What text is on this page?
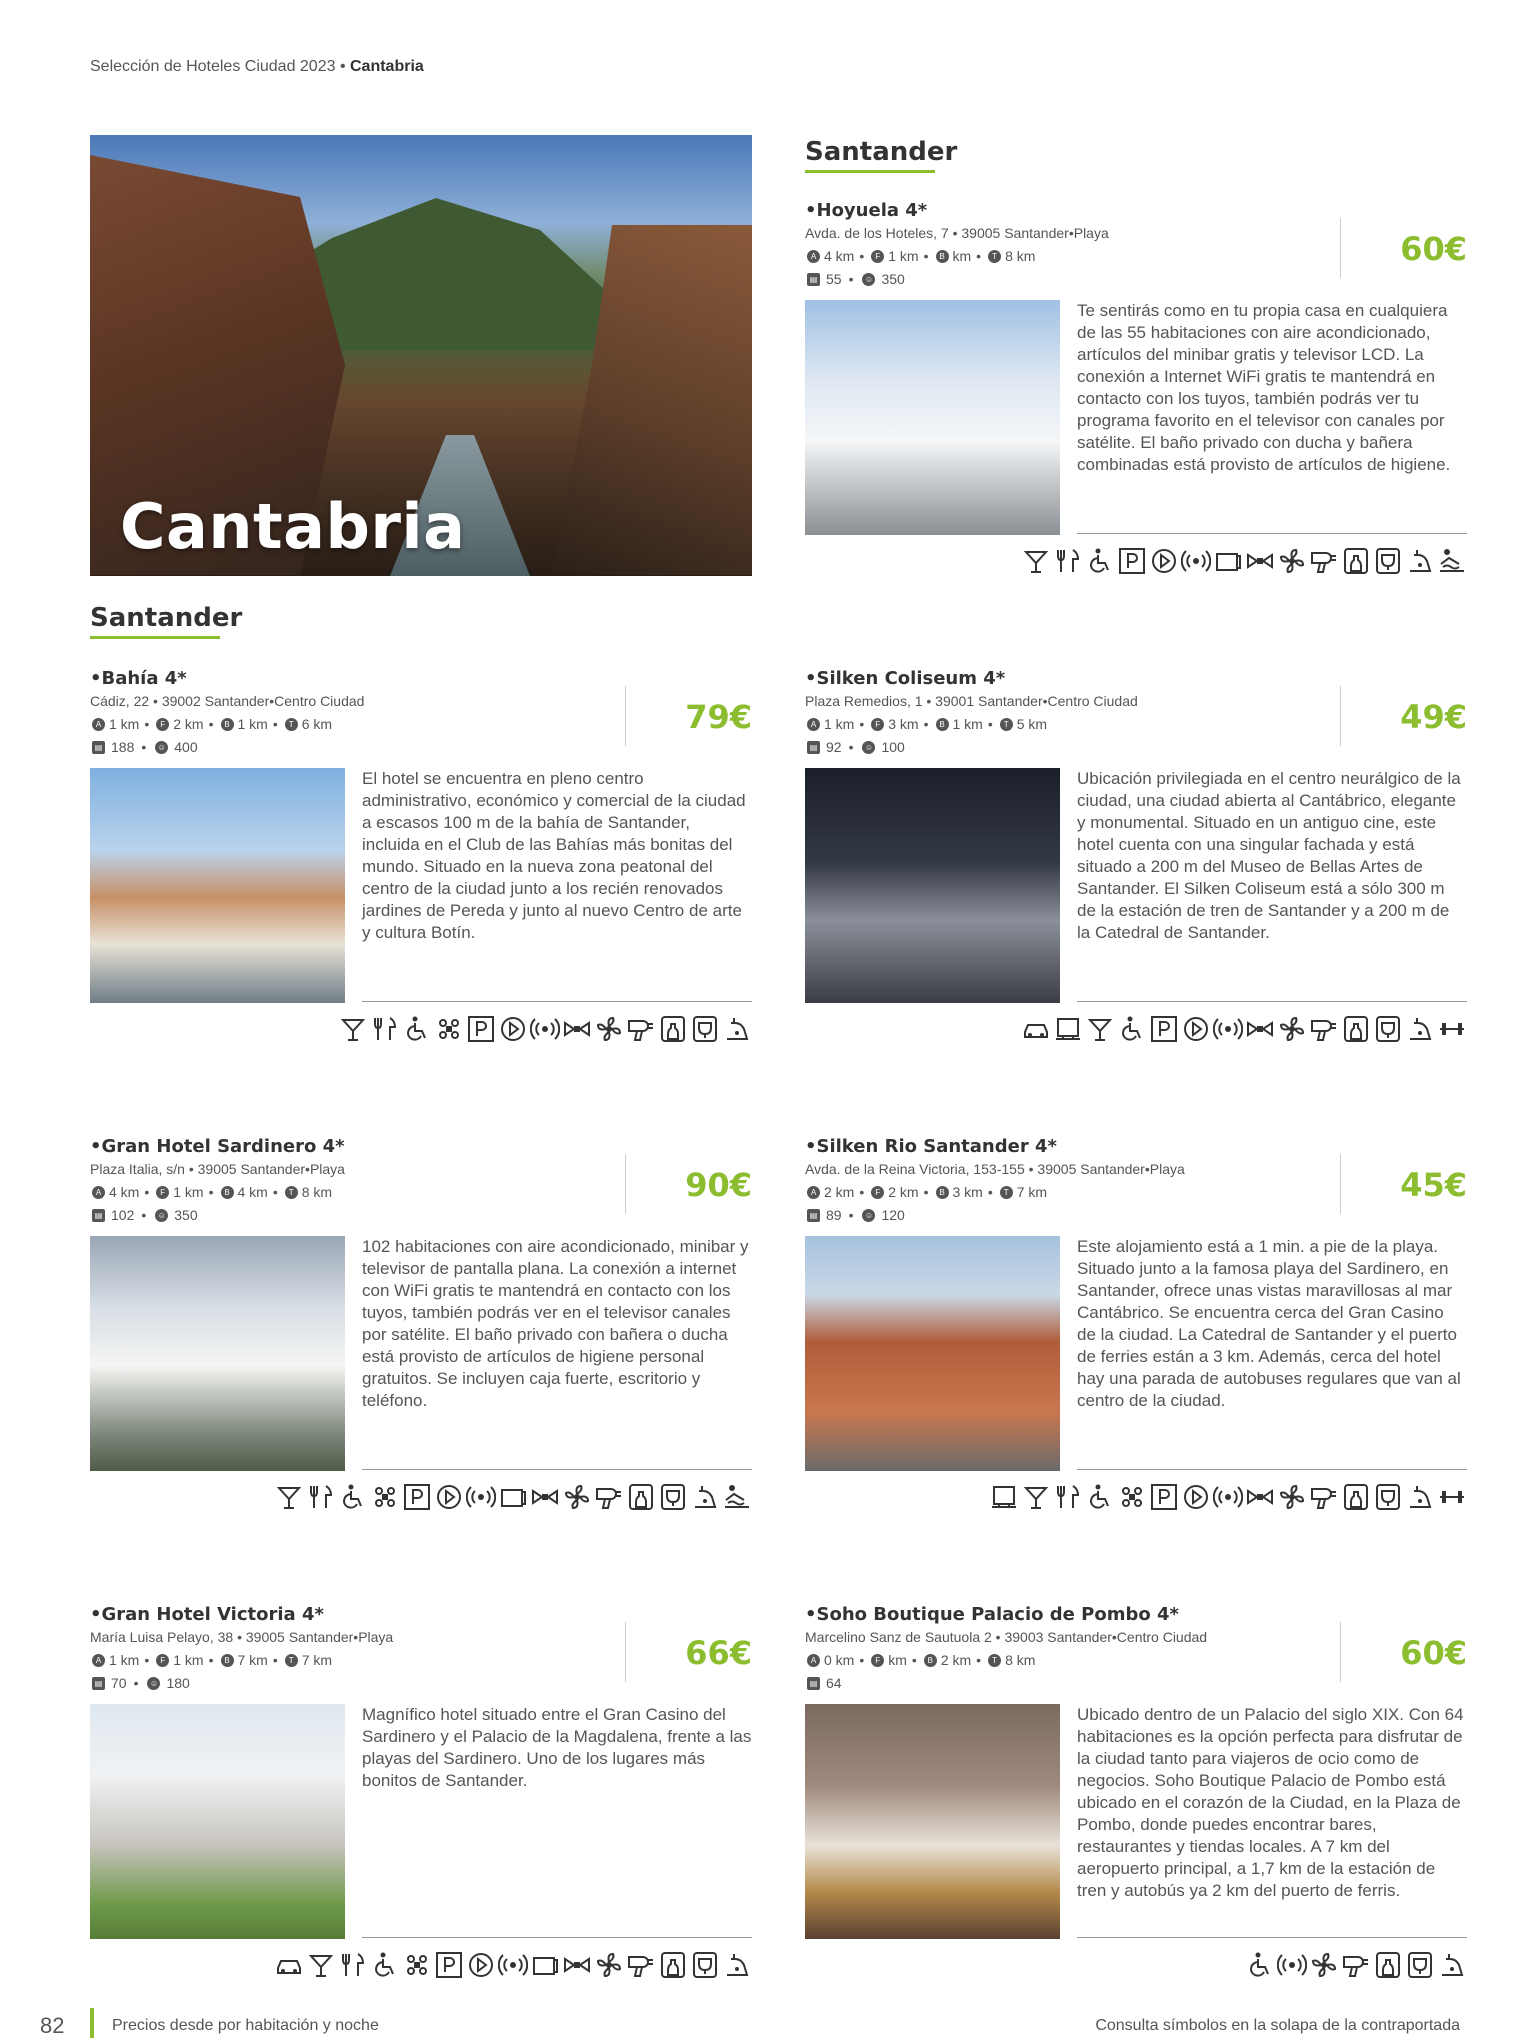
Selección de Hoteles Ciudad 2023 • Cantabria
Cantabria
Santander
Santander
•Hoyuela 4*
Avda. de los Hoteles, 7 • 39005 Santander•Playa
A 4 km •	F 1 km •	B km •	T 8 km
▤ 55 •	☺ 350
60€
Te sentirás como en tu propia casa en cualquiera de las 55 habitaciones con aire acondicionado, artículos del minibar gratis y televisor LCD. La conexión a Internet WiFi gratis te mantendrá en contacto con los tuyos, también podrás ver tu programa favorito en el televisor con canales por satélite. El baño privado con ducha y bañera combinadas está provisto de artículos de higiene.
•Bahía 4*
Cádiz, 22 • 39002 Santander•Centro Ciudad
A 1 km •	F 2 km •	B 1 km •	T 6 km
▤ 188 •	☺ 400
79€
El hotel se encuentra en pleno centro administrativo, económico y comercial de la ciudad a escasos 100 m de la bahía de Santander, incluida en el Club de las Bahías más bonitas del mundo. Situado en la nueva zona peatonal del centro de la ciudad junto a los recién renovados jardines de Pereda y junto al nuevo Centro de arte y cultura Botín.
•Silken Coliseum 4*
Plaza Remedios, 1 • 39001 Santander•Centro Ciudad
A 1 km •	F 3 km •	B 1 km •	T 5 km
▤ 92 •	☺ 100
49€
Ubicación privilegiada en el centro neurálgico de la ciudad, una ciudad abierta al Cantábrico, elegante y monumental. Situado en un antiguo cine, este hotel cuenta con una singular fachada y está situado a 200 m del Museo de Bellas Artes de Santander. El Silken Coliseum está a sólo 300 m de la estación de tren de Santander y a 200 m de la Catedral de Santander.
•Gran Hotel Sardinero 4*
Plaza Italia, s/n • 39005 Santander•Playa
A 4 km •	F 1 km •	B 4 km •	T 8 km
▤ 102 •	☺ 350
90€
102 habitaciones con aire acondicionado, minibar y televisor de pantalla plana. La conexión a internet con WiFi gratis te mantendrá en contacto con los tuyos, también podrás ver en el televisor canales por satélite. El baño privado con bañera o ducha está provisto de artículos de higiene personal gratuitos. Se incluyen caja fuerte, escritorio y teléfono.
•Silken Rio Santander 4*
Avda. de la Reina Victoria, 153-155 • 39005 Santander•Playa
A 2 km •	F 2 km •	B 3 km •	T 7 km
▤ 89 •	☺ 120
45€
Este alojamiento está a 1 min. a pie de la playa. Situado junto a la famosa playa del Sardinero, en Santander, ofrece unas vistas maravillosas al mar Cantábrico. Se encuentra cerca del Gran Casino de la ciudad. La Catedral de Santander y el puerto de ferries están a 3 km. Además, cerca del hotel hay una parada de autobuses regulares que van al centro de la ciudad.
•Gran Hotel Victoria 4*
María Luisa Pelayo, 38 • 39005 Santander•Playa
A 1 km •	F 1 km •	B 7 km •	T 7 km
▤ 70 •	☺ 180
66€
Magnífico hotel situado entre el Gran Casino del Sardinero y el Palacio de la Magdalena, frente a las playas del Sardinero. Uno de los lugares más bonitos de Santander.
•Soho Boutique Palacio de Pombo 4*
Marcelino Sanz de Sautuola 2 • 39003 Santander•Centro Ciudad
A 0 km •	F km •	B 2 km •	T 8 km
▤ 64
60€
Ubicado dentro de un Palacio del siglo XIX. Con 64 habitaciones es la opción perfecta para disfrutar de la ciudad tanto para viajeros de ocio como de negocios. Soho Boutique Palacio de Pombo está ubicado en el corazón de la Ciudad, en la Plaza de Pombo, donde puedes encontrar bares, restaurantes y tiendas locales. A 7 km del aeropuerto principal, a 1,7 km de la estación de tren y autobús ya 2 km del puerto de ferris.
82	Precios desde por habitación y noche	Consulta símbolos en la solapa de la contraportada
